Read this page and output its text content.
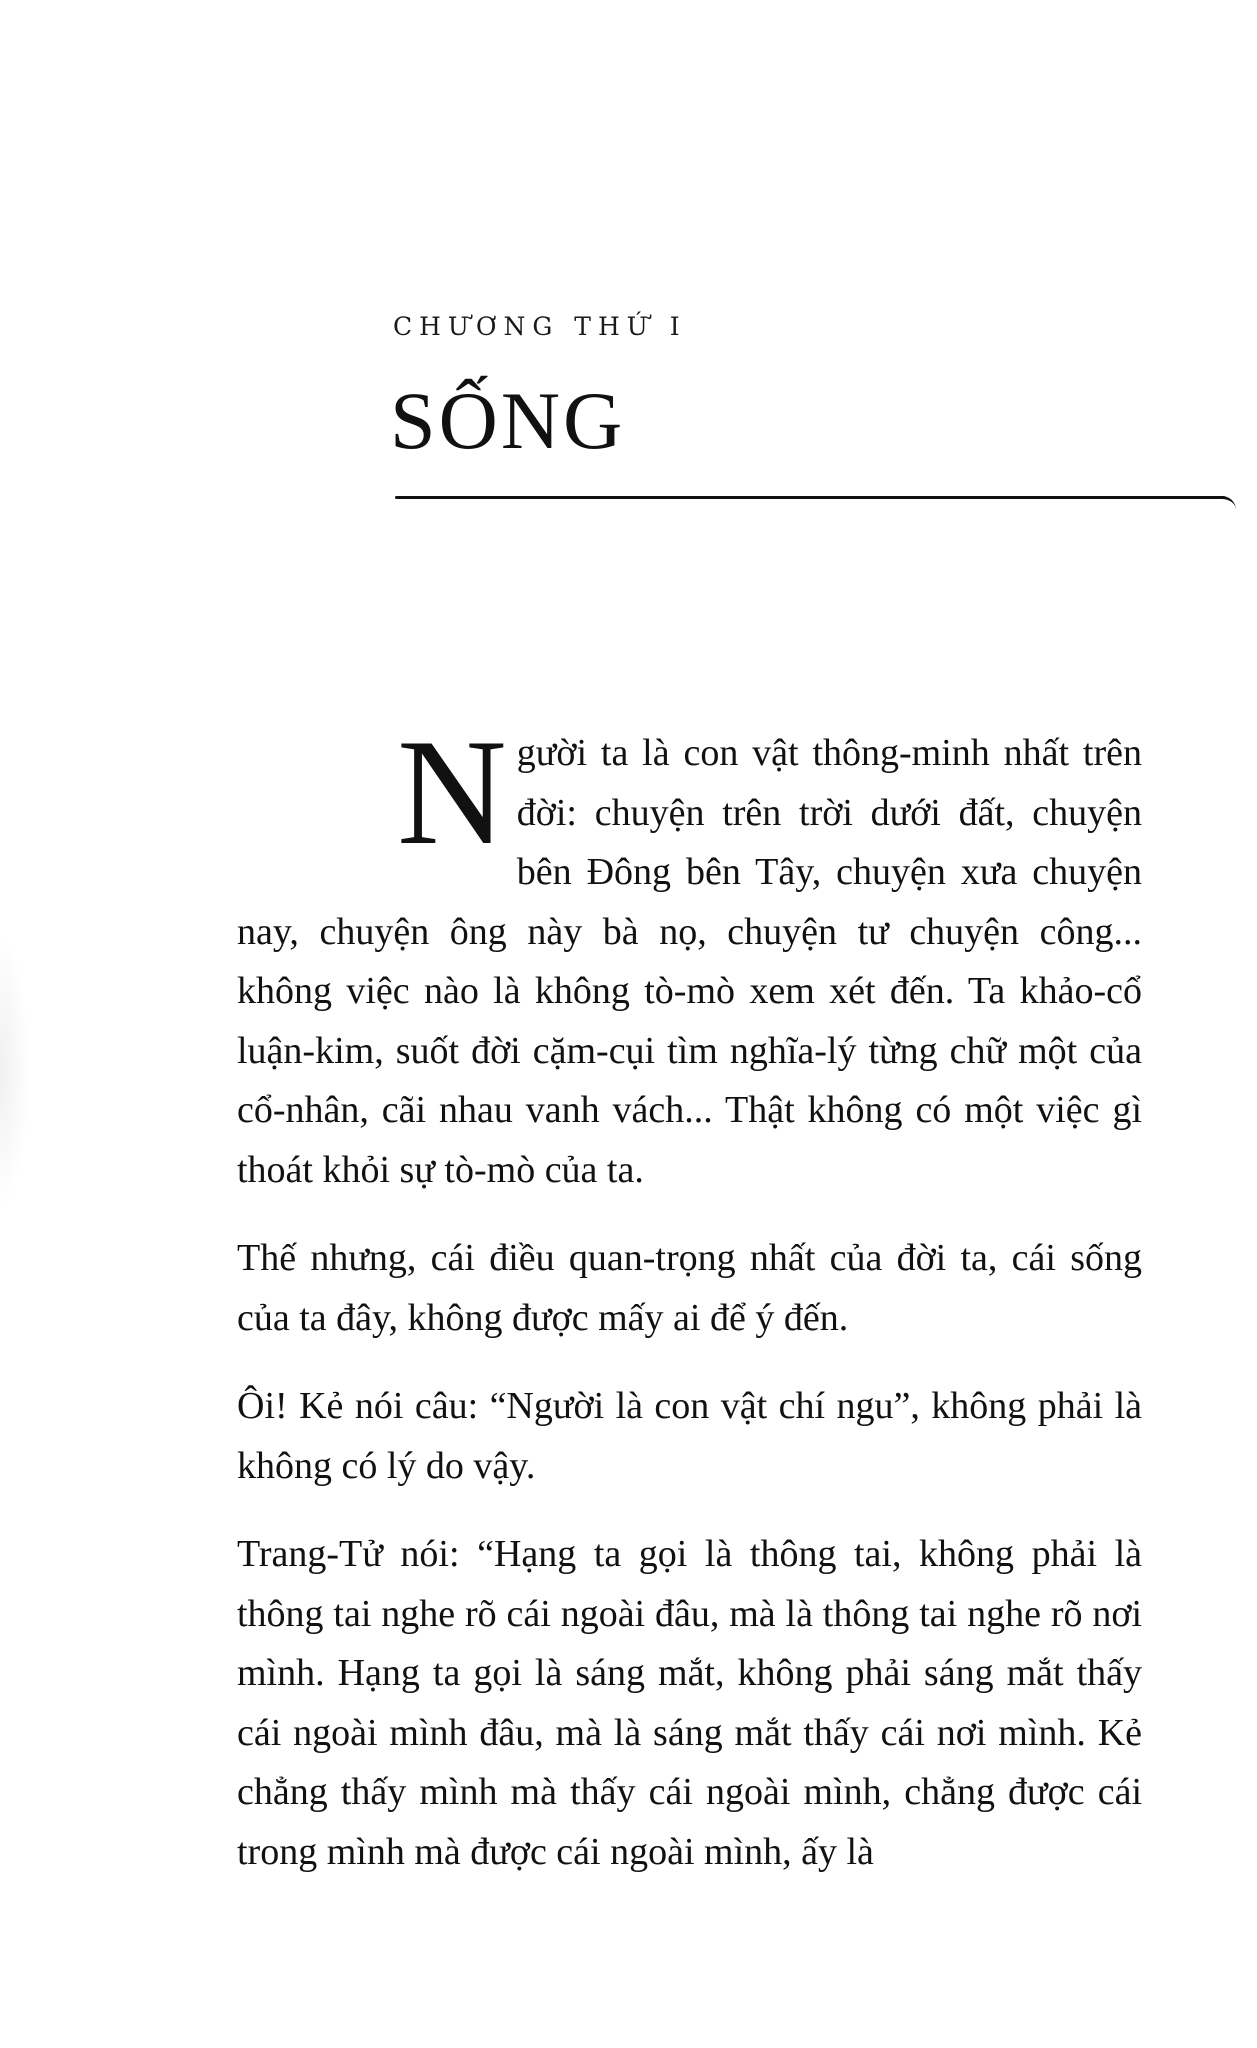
CHƯƠNG THỨ I
SỐNG

Người ta là con vật thông-minh nhất trên đời: chuyện trên trời dưới đất, chuyện bên Đông bên Tây, chuyện xưa chuyện nay, chuyện ông này bà nọ, chuyện tư chuyện công... không việc nào là không tò-mò xem xét đến. Ta khảo-cổ luận-kim, suốt đời cặm-cụi tìm nghĩa-lý từng chữ một của cổ-nhân, cãi nhau vanh vách... Thật không có một việc gì thoát khỏi sự tò-mò của ta.

Thế nhưng, cái điều quan-trọng nhất của đời ta, cái sống của ta đây, không được mấy ai để ý đến.

Ôi! Kẻ nói câu: “Người là con vật chí ngu”, không phải là không có lý do vậy.

Trang-Tử nói: “Hạng ta gọi là thông tai, không phải là thông tai nghe rõ cái ngoài đâu, mà là thông tai nghe rõ nơi mình. Hạng ta gọi là sáng mắt, không phải sáng mắt thấy cái ngoài mình đâu, mà là sáng mắt thấy cái nơi mình. Kẻ chẳng thấy mình mà thấy cái ngoài mình, chẳng được cái trong mình mà được cái ngoài mình, ấy là
